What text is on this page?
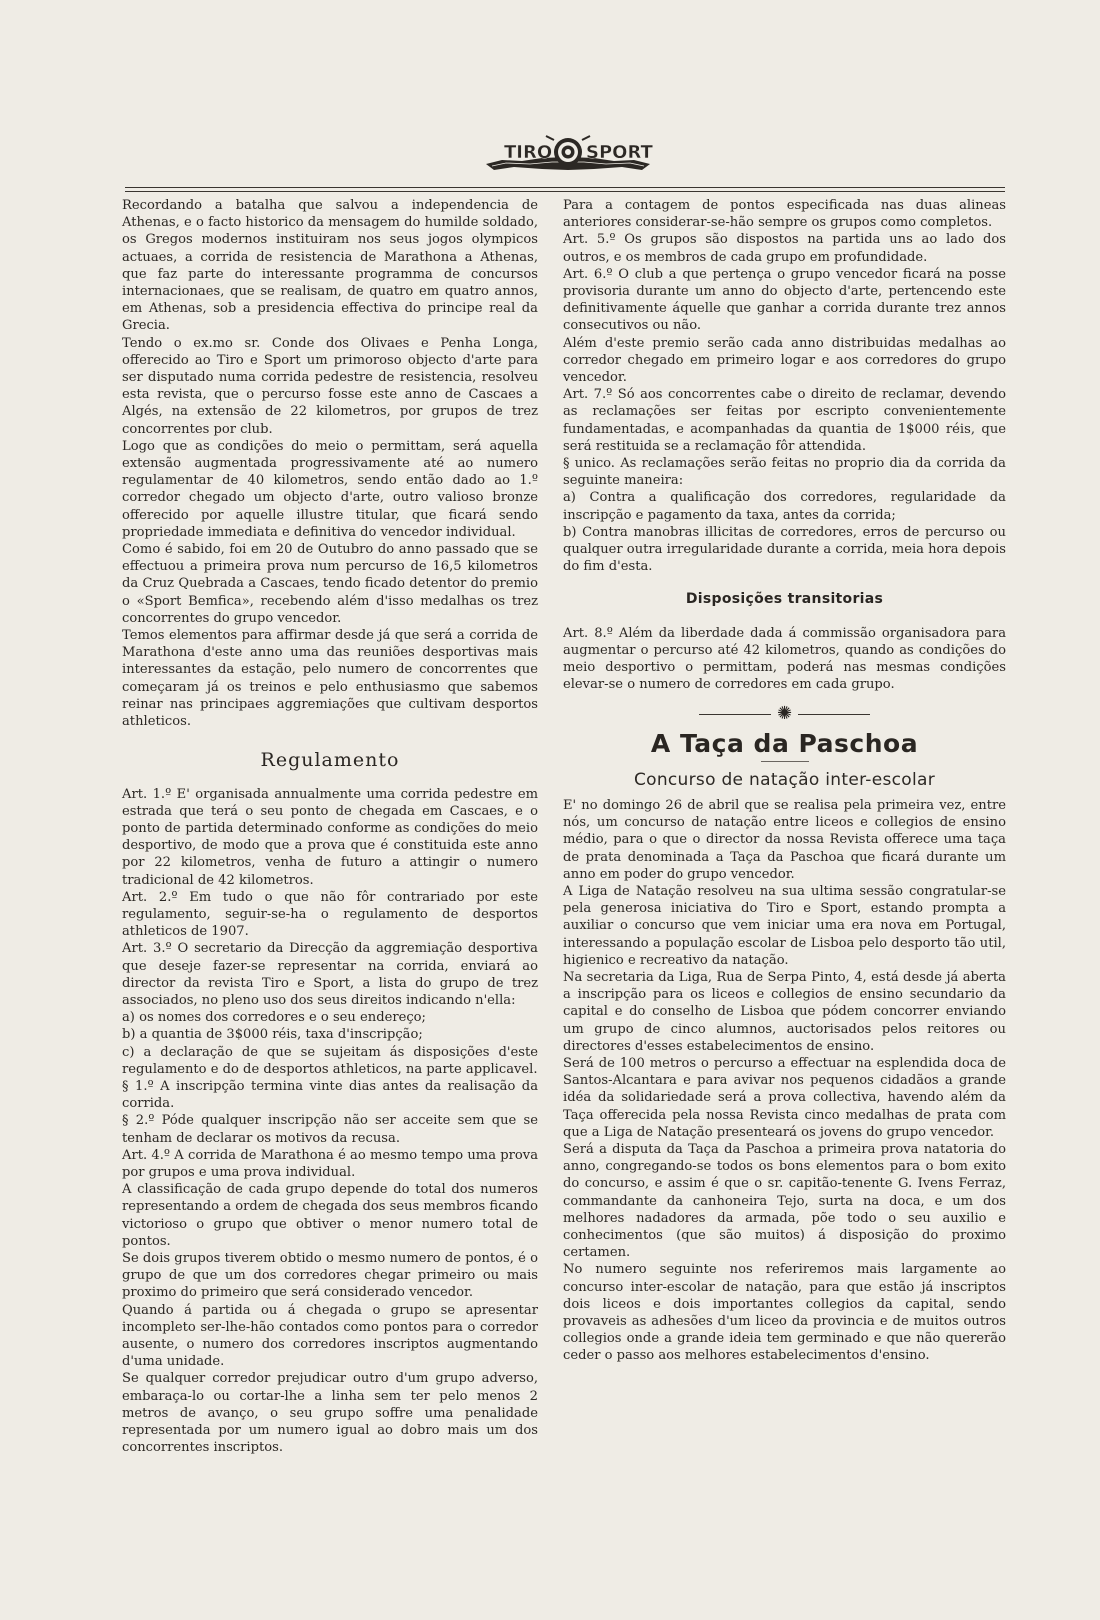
TIRO SPORT

Recordando a batalha que salvou a independencia de Athenas, e o facto historico da mensagem do humilde soldado, os Gregos modernos instituiram nos seus jogos olympicos actuaes, a corrida de resistencia de Marathona a Athenas, que faz parte do interessante programma de concursos internacionaes, que se realisam, de quatro em quatro annos, em Athenas, sob a presidencia effectiva do principe real da Grecia.

Tendo o ex.mo sr. Conde dos Olivaes e Penha Longa, offerecido ao Tiro e Sport um primoroso objecto d'arte para ser disputado numa corrida pedestre de resistencia, resolveu esta revista, que o percurso fosse este anno de Cascaes a Algés, na extensão de 22 kilometros, por grupos de trez concorrentes por club.

Logo que as condições do meio o permittam, será aquella extensão augmentada progressivamente até ao numero regulamentar de 40 kilometros, sendo então dado ao 1.º corredor chegado um objecto d'arte, outro valioso bronze offerecido por aquelle illustre titular, que ficará sendo propriedade immediata e definitiva do vencedor individual.

Como é sabido, foi em 20 de Outubro do anno passado que se effectuou a primeira prova num percurso de 16,5 kilometros da Cruz Quebrada a Cascaes, tendo ficado detentor do premio o «Sport Bemfica», recebendo além d'isso medalhas os trez concorrentes do grupo vencedor.

Temos elementos para affirmar desde já que será a corrida de Marathona d'este anno uma das reuniões desportivas mais interessantes da estação, pelo numero de concorrentes que começaram já os treinos e pelo enthusiasmo que sabemos reinar nas principaes aggremiações que cultivam desportos athleticos.

Regulamento

Art. 1.º E' organisada annualmente uma corrida pedestre em estrada que terá o seu ponto de chegada em Cascaes, e o ponto de partida determinado conforme as condições do meio desportivo, de modo que a prova que é constituida este anno por 22 kilometros, venha de futuro a attingir o numero tradicional de 42 kilometros.

Art. 2.º Em tudo o que não fôr contrariado por este regulamento, seguir-se-ha o regulamento de desportos athleticos de 1907.

Art. 3.º O secretario da Direcção da aggremiação desportiva que deseje fazer-se representar na corrida, enviará ao director da revista Tiro e Sport, a lista do grupo de trez associados, no pleno uso dos seus direitos indicando n'ella:

a) os nomes dos corredores e o seu endereço;

b) a quantia de 3$000 réis, taxa d'inscripção;

c) a declaração de que se sujeitam ás disposições d'este regulamento e do de desportos athleticos, na parte applicavel.

§ 1.º A inscripção termina vinte dias antes da realisação da corrida.

§ 2.º Póde qualquer inscripção não ser acceite sem que se tenham de declarar os motivos da recusa.

Art. 4.º A corrida de Marathona é ao mesmo tempo uma prova por grupos e uma prova individual.

A classificação de cada grupo depende do total dos numeros representando a ordem de chegada dos seus membros ficando victorioso o grupo que obtiver o menor numero total de pontos.

Se dois grupos tiverem obtido o mesmo numero de pontos, é o grupo de que um dos corredores chegar primeiro ou mais proximo do primeiro que será considerado vencedor.

Quando á partida ou á chegada o grupo se apresentar incompleto ser-lhe-hão contados como pontos para o corredor ausente, o numero dos corredores inscriptos augmentando d'uma unidade.

Se qualquer corredor prejudicar outro d'um grupo adverso, embaraça-lo ou cortar-lhe a linha sem ter pelo menos 2 metros de avanço, o seu grupo soffre uma penalidade representada por um numero igual ao dobro mais um dos concorrentes inscriptos.

Para a contagem de pontos especificada nas duas alineas anteriores considerar-se-hão sempre os grupos como completos.

Art. 5.º Os grupos são dispostos na partida uns ao lado dos outros, e os membros de cada grupo em profundidade.

Art. 6.º O club a que pertença o grupo vencedor ficará na posse provisoria durante um anno do objecto d'arte, pertencendo este definitivamente áquelle que ganhar a corrida durante trez annos consecutivos ou não.

Além d'este premio serão cada anno distribuidas medalhas ao corredor chegado em primeiro logar e aos corredores do grupo vencedor.

Art. 7.º Só aos concorrentes cabe o direito de reclamar, devendo as reclamações ser feitas por escripto convenientemente fundamentadas, e acompanhadas da quantia de 1$000 réis, que será restituida se a reclamação fôr attendida.

§ unico. As reclamações serão feitas no proprio dia da corrida da seguinte maneira:

a) Contra a qualificação dos corredores, regularidade da inscripção e pagamento da taxa, antes da corrida;

b) Contra manobras illicitas de corredores, erros de percurso ou qualquer outra irregularidade durante a corrida, meia hora depois do fim d'esta.

Disposições transitorias

Art. 8.º Além da liberdade dada á commissão organisadora para augmentar o percurso até 42 kilometros, quando as condições do meio desportivo o permittam, poderá nas mesmas condições elevar-se o numero de corredores em cada grupo.

✺
A Taça da Paschoa
Concurso de natação inter-escolar

E' no domingo 26 de abril que se realisa pela primeira vez, entre nós, um concurso de natação entre liceos e collegios de ensino médio, para o que o director da nossa Revista offerece uma taça de prata denominada a Taça da Paschoa que ficará durante um anno em poder do grupo vencedor.

A Liga de Natação resolveu na sua ultima sessão congratular-se pela generosa iniciativa do Tiro e Sport, estando prompta a auxiliar o concurso que vem iniciar uma era nova em Portugal, interessando a população escolar de Lisboa pelo desporto tão util, higienico e recreativo da natação.

Na secretaria da Liga, Rua de Serpa Pinto, 4, está desde já aberta a inscripção para os liceos e collegios de ensino secundario da capital e do conselho de Lisboa que pódem concorrer enviando um grupo de cinco alumnos, auctorisados pelos reitores ou directores d'esses estabelecimentos de ensino.

Será de 100 metros o percurso a effectuar na esplendida doca de Santos-Alcantara e para avivar nos pequenos cidadãos a grande idéa da solidariedade será a prova collectiva, havendo além da Taça offerecida pela nossa Revista cinco medalhas de prata com que a Liga de Natação presenteará os jovens do grupo vencedor.

Será a disputa da Taça da Paschoa a primeira prova natatoria do anno, congregando-se todos os bons elementos para o bom exito do concurso, e assim é que o sr. capitão-tenente G. Ivens Ferraz, commandante da canhoneira Tejo, surta na doca, e um dos melhores nadadores da armada, põe todo o seu auxilio e conhecimentos (que são muitos) á disposição do proximo certamen.

No numero seguinte nos referiremos mais largamente ao concurso inter-escolar de natação, para que estão já inscriptos dois liceos e dois importantes collegios da capital, sendo provaveis as adhesões d'um liceo da provincia e de muitos outros collegios onde a grande ideia tem germinado e que não quererão ceder o passo aos melhores estabelecimentos d'ensino.
